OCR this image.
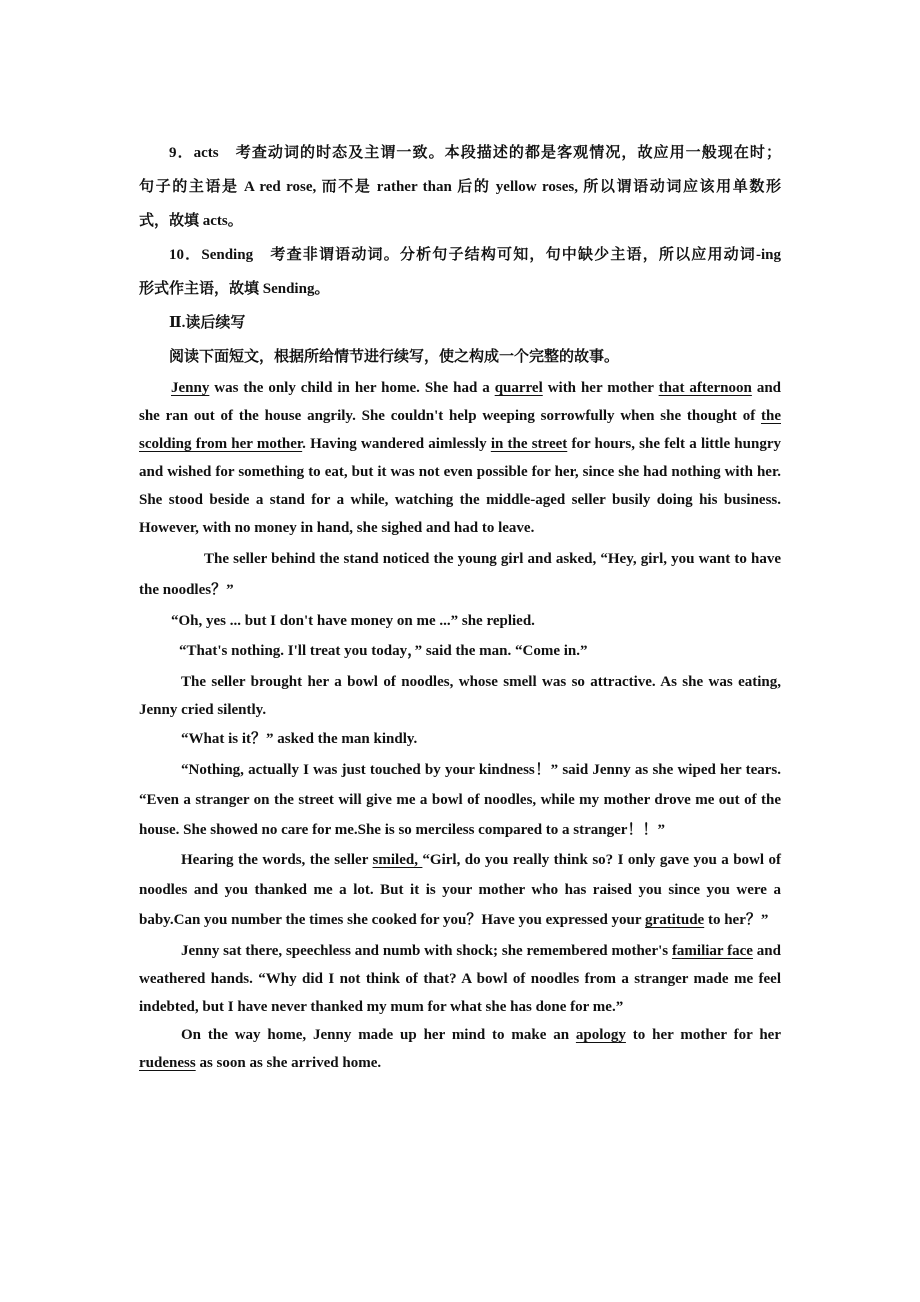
9．acts　考查动词的时态及主谓一致。本段描述的都是客观情况，故应用一般现在时；

句子的主语是 A red rose, 而不是 rather than 后的 yellow roses, 所以谓语动词应该用单数形

式，故填 acts。

10．Sending　考查非谓语动词。分析句子结构可知，句中缺少主语，所以应用动词-ing

形式作主语，故填 Sending。

Ⅱ.读后续写

阅读下面短文，根据所给情节进行续写，使之构成一个完整的故事。

Jenny was the only child in her home. She had a quarrel with her mother that afternoon and she ran out of the house angrily. She couldn't help weeping sorrowfully when she thought of the scolding from her mother. Having wandered aimlessly in the street for hours, she felt a little hungry and wished for something to eat, but it was not even possible for her, since she had nothing with her. She stood beside a stand for a while, watching the middle-aged seller busily doing his business. However, with no money in hand, she sighed and had to leave.

The seller behind the stand noticed the young girl and asked, “Hey, girl, you want to have the noodles？”

“Oh, yes ... but I don't have money on me ...” she replied.

“That's nothing. I'll treat you today，” said the man. “Come in.”

The seller brought her a bowl of noodles, whose smell was so attractive. As she was eating, Jenny cried silently.

“What is it？” asked the man kindly.

“Nothing, actually I was just touched by your kindness！” said Jenny as she wiped her tears. “Even a stranger on the street will give me a bowl of noodles, while my mother drove me out of the house. She showed no care for me.She is so merciless compared to a stranger！！”

Hearing the words, the seller smiled, “Girl, do you really think so? I only gave you a bowl of noodles and you thanked me a lot. But it is your mother who has raised you since you were a baby.Can you number the times she cooked for you？Have you expressed your gratitude to her？”

Jenny sat there, speechless and numb with shock; she remembered mother's familiar face and   weathered hands. “Why did I not think of that? A bowl of noodles from a stranger made me feel indebted, but I have never thanked my mum for what she has done for me.”

On the way home, Jenny made up her mind to make an apology to her mother for her rudeness as soon as she arrived home.
